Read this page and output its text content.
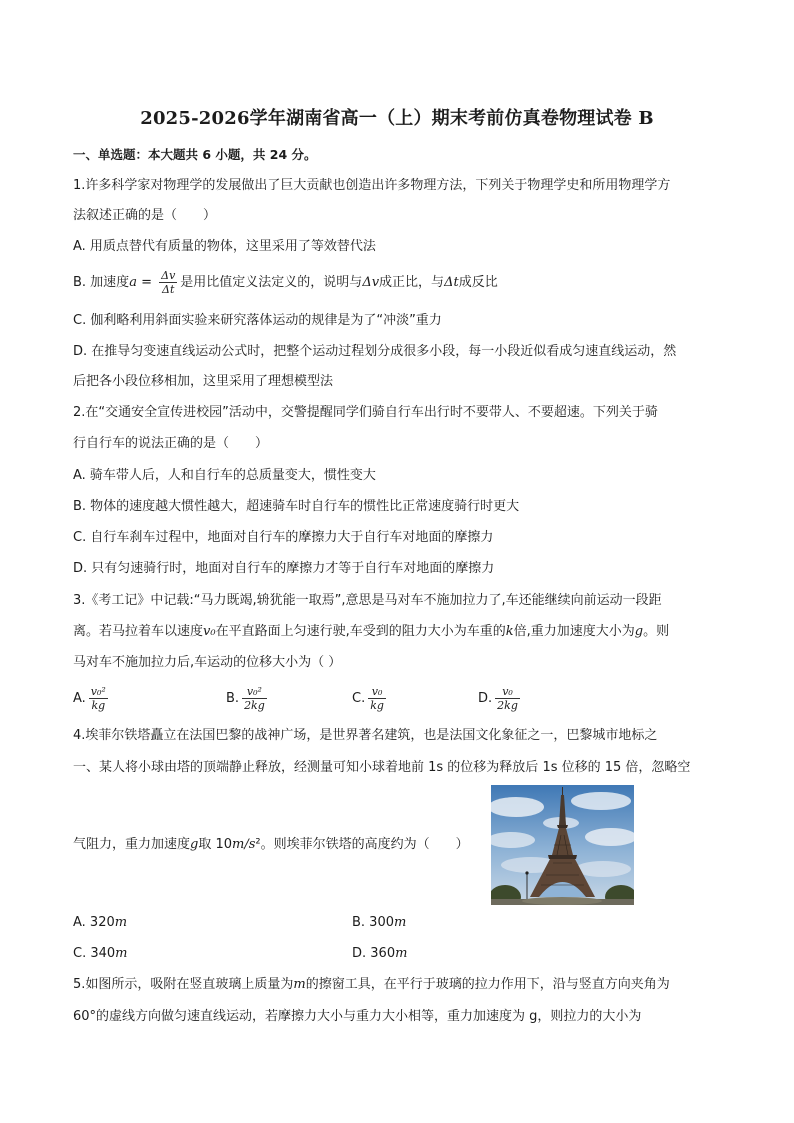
2025-2026学年湖南省高一（上）期末考前仿真卷物理试卷 B
一、单选题：本大题共 6 小题，共 24 分。
1.许多科学家对物理学的发展做出了巨大贡献也创造出许多物理方法，下列关于物理学史和所用物理学方
法叙述正确的是（　　）
A. 用质点替代有质量的物体，这里采用了等效替代法
B. 加速度$a = \frac{\Delta v}{\Delta t}$ 是用比值定义法定义的，说明与Δv成正比，与Δt成反比
C. 伽利略利用斜面实验来研究落体运动的规律是为了“冲淡”重力
D. 在推导匀变速直线运动公式时，把整个运动过程划分成很多小段，每一小段近似看成匀速直线运动，然
后把各小段位移相加，这里采用了理想模型法
2.在“交通安全宣传进校园”活动中，交警提醒同学们骑自行车出行时不要带人、不要超速。下列关于骑
行自行车的说法正确的是（　　）
A. 骑车带人后，人和自行车的总质量变大，惯性变大
B. 物体的速度越大惯性越大，超速骑车时自行车的惯性比正常速度骑行时更大
C. 自行车刹车过程中，地面对自行车的摩擦力大于自行车对地面的摩擦力
D. 只有匀速骑行时，地面对自行车的摩擦力才等于自行车对地面的摩擦力
3.《考工记》中记载:“马力既竭,辀犹能一取焉”,意思是马对车不施加拉力了,车还能继续向前运动一段距
离。若马拉着车以速度v₀在平直路面上匀速行驶,车受到的阻力大小为车重的k倍,重力加速度大小为g。则
马对车不施加拉力后,车运动的位移大小为（ ）
A. $\frac{\text{v₀²}}{kg}$	B. $\frac{\text{v₀²}}{2kg}$	C. $\frac{\text{v₀}}{kg}$	D. $\frac{\text{v₀}}{2kg}$
4.埃菲尔铁塔矗立在法国巴黎的战神广场，是世界著名建筑，也是法国文化象征之一，巴黎城市地标之
一、某人将小球由塔的顶端静止释放，经测量可知小球着地前 1s 的位移为释放后 1s 位移的 15 倍，忽略空
气阻力，重力加速度g取 10m/s²。则埃菲尔铁塔的高度约为（　　）
A. 320m	B. 300m
C. 340m	D. 360m
5.如图所示，吸附在竖直玻璃上质量为m的擦窗工具，在平行于玻璃的拉力作用下，沿与竖直方向夹角为
60°的虚线方向做匀速直线运动，若摩擦力大小与重力大小相等，重力加速度为 g，则拉力的大小为
